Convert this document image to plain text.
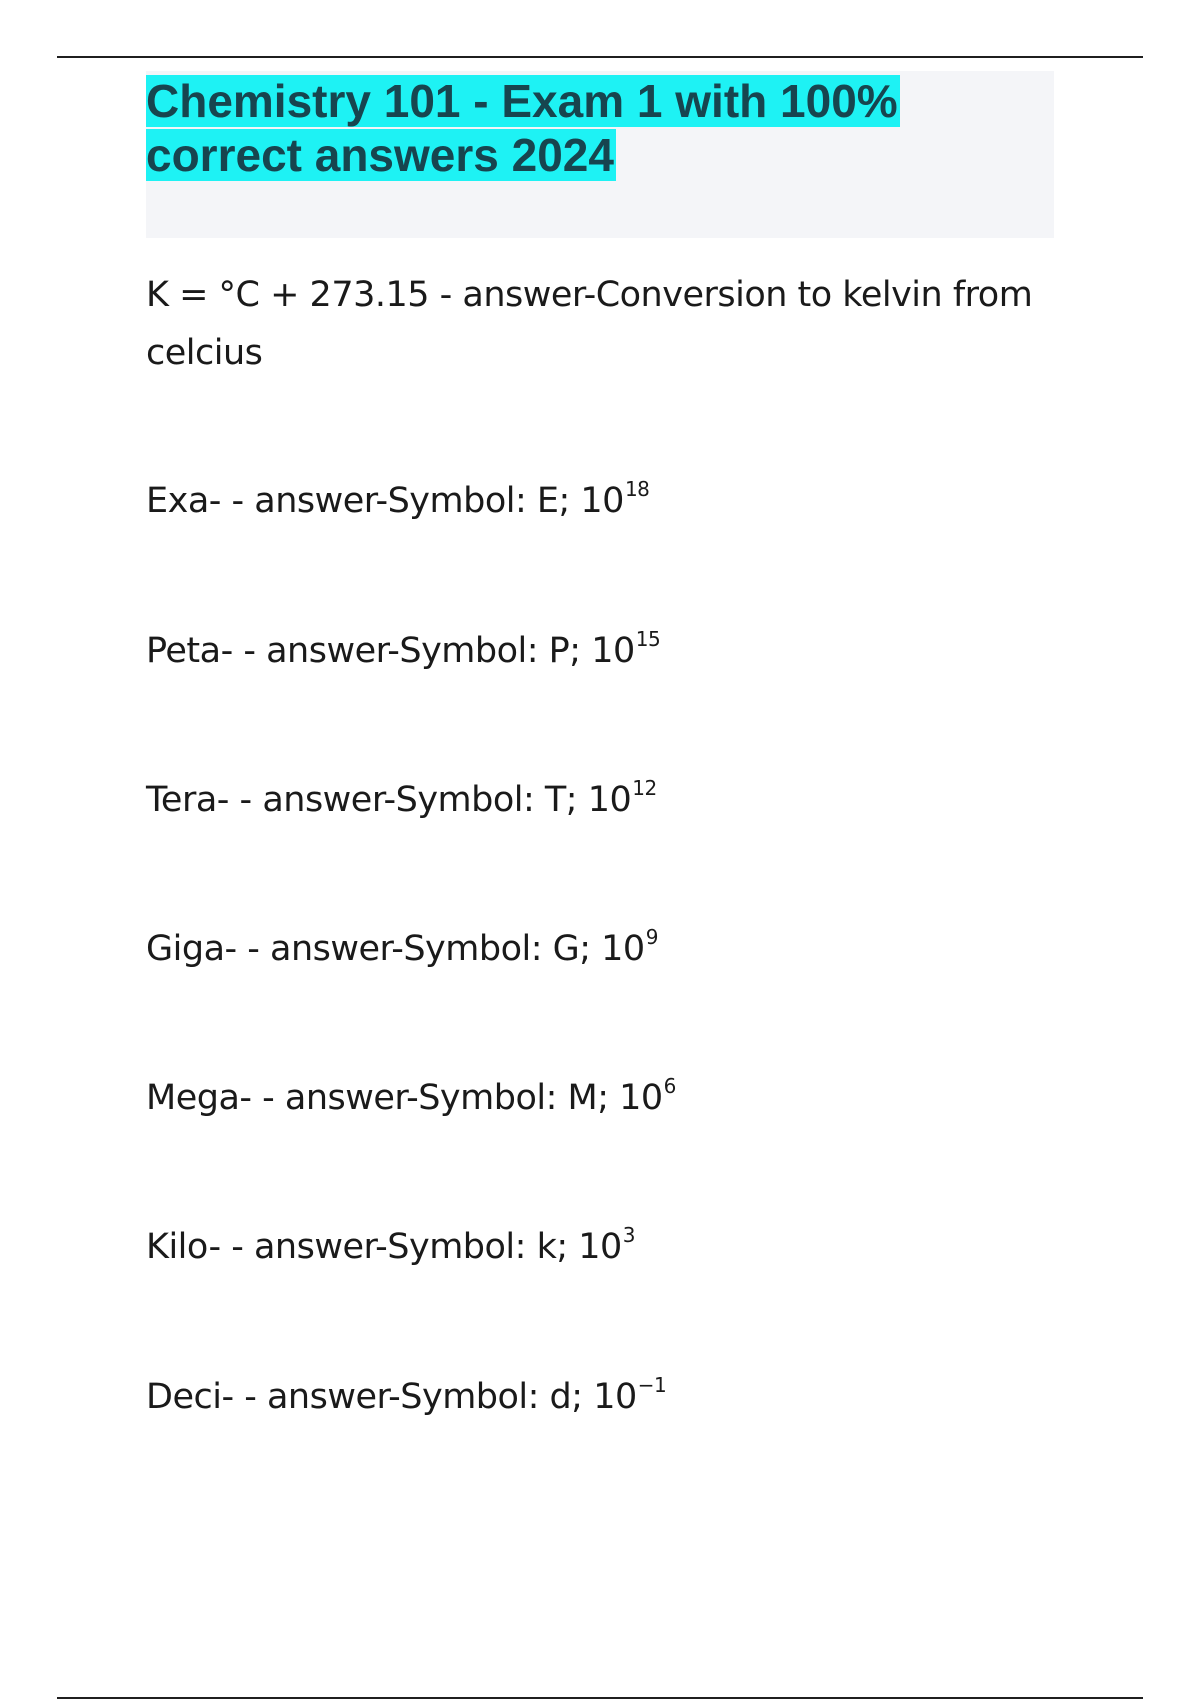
Chemistry 101 - Exam 1 with 100% correct answers 2024

K = °C + 273.15 - answer-Conversion to kelvin from celcius

Exa- - answer-Symbol: E; $10^{18}$

Peta- - answer-Symbol: P; $10^{15}$

Tera- - answer-Symbol: T; $10^{12}$

Giga- - answer-Symbol: G; $10^9$

Mega- - answer-Symbol: M; $10^6$

Kilo- - answer-Symbol: k; $10^3$

Deci- - answer-Symbol: d; $10^{-1}$
